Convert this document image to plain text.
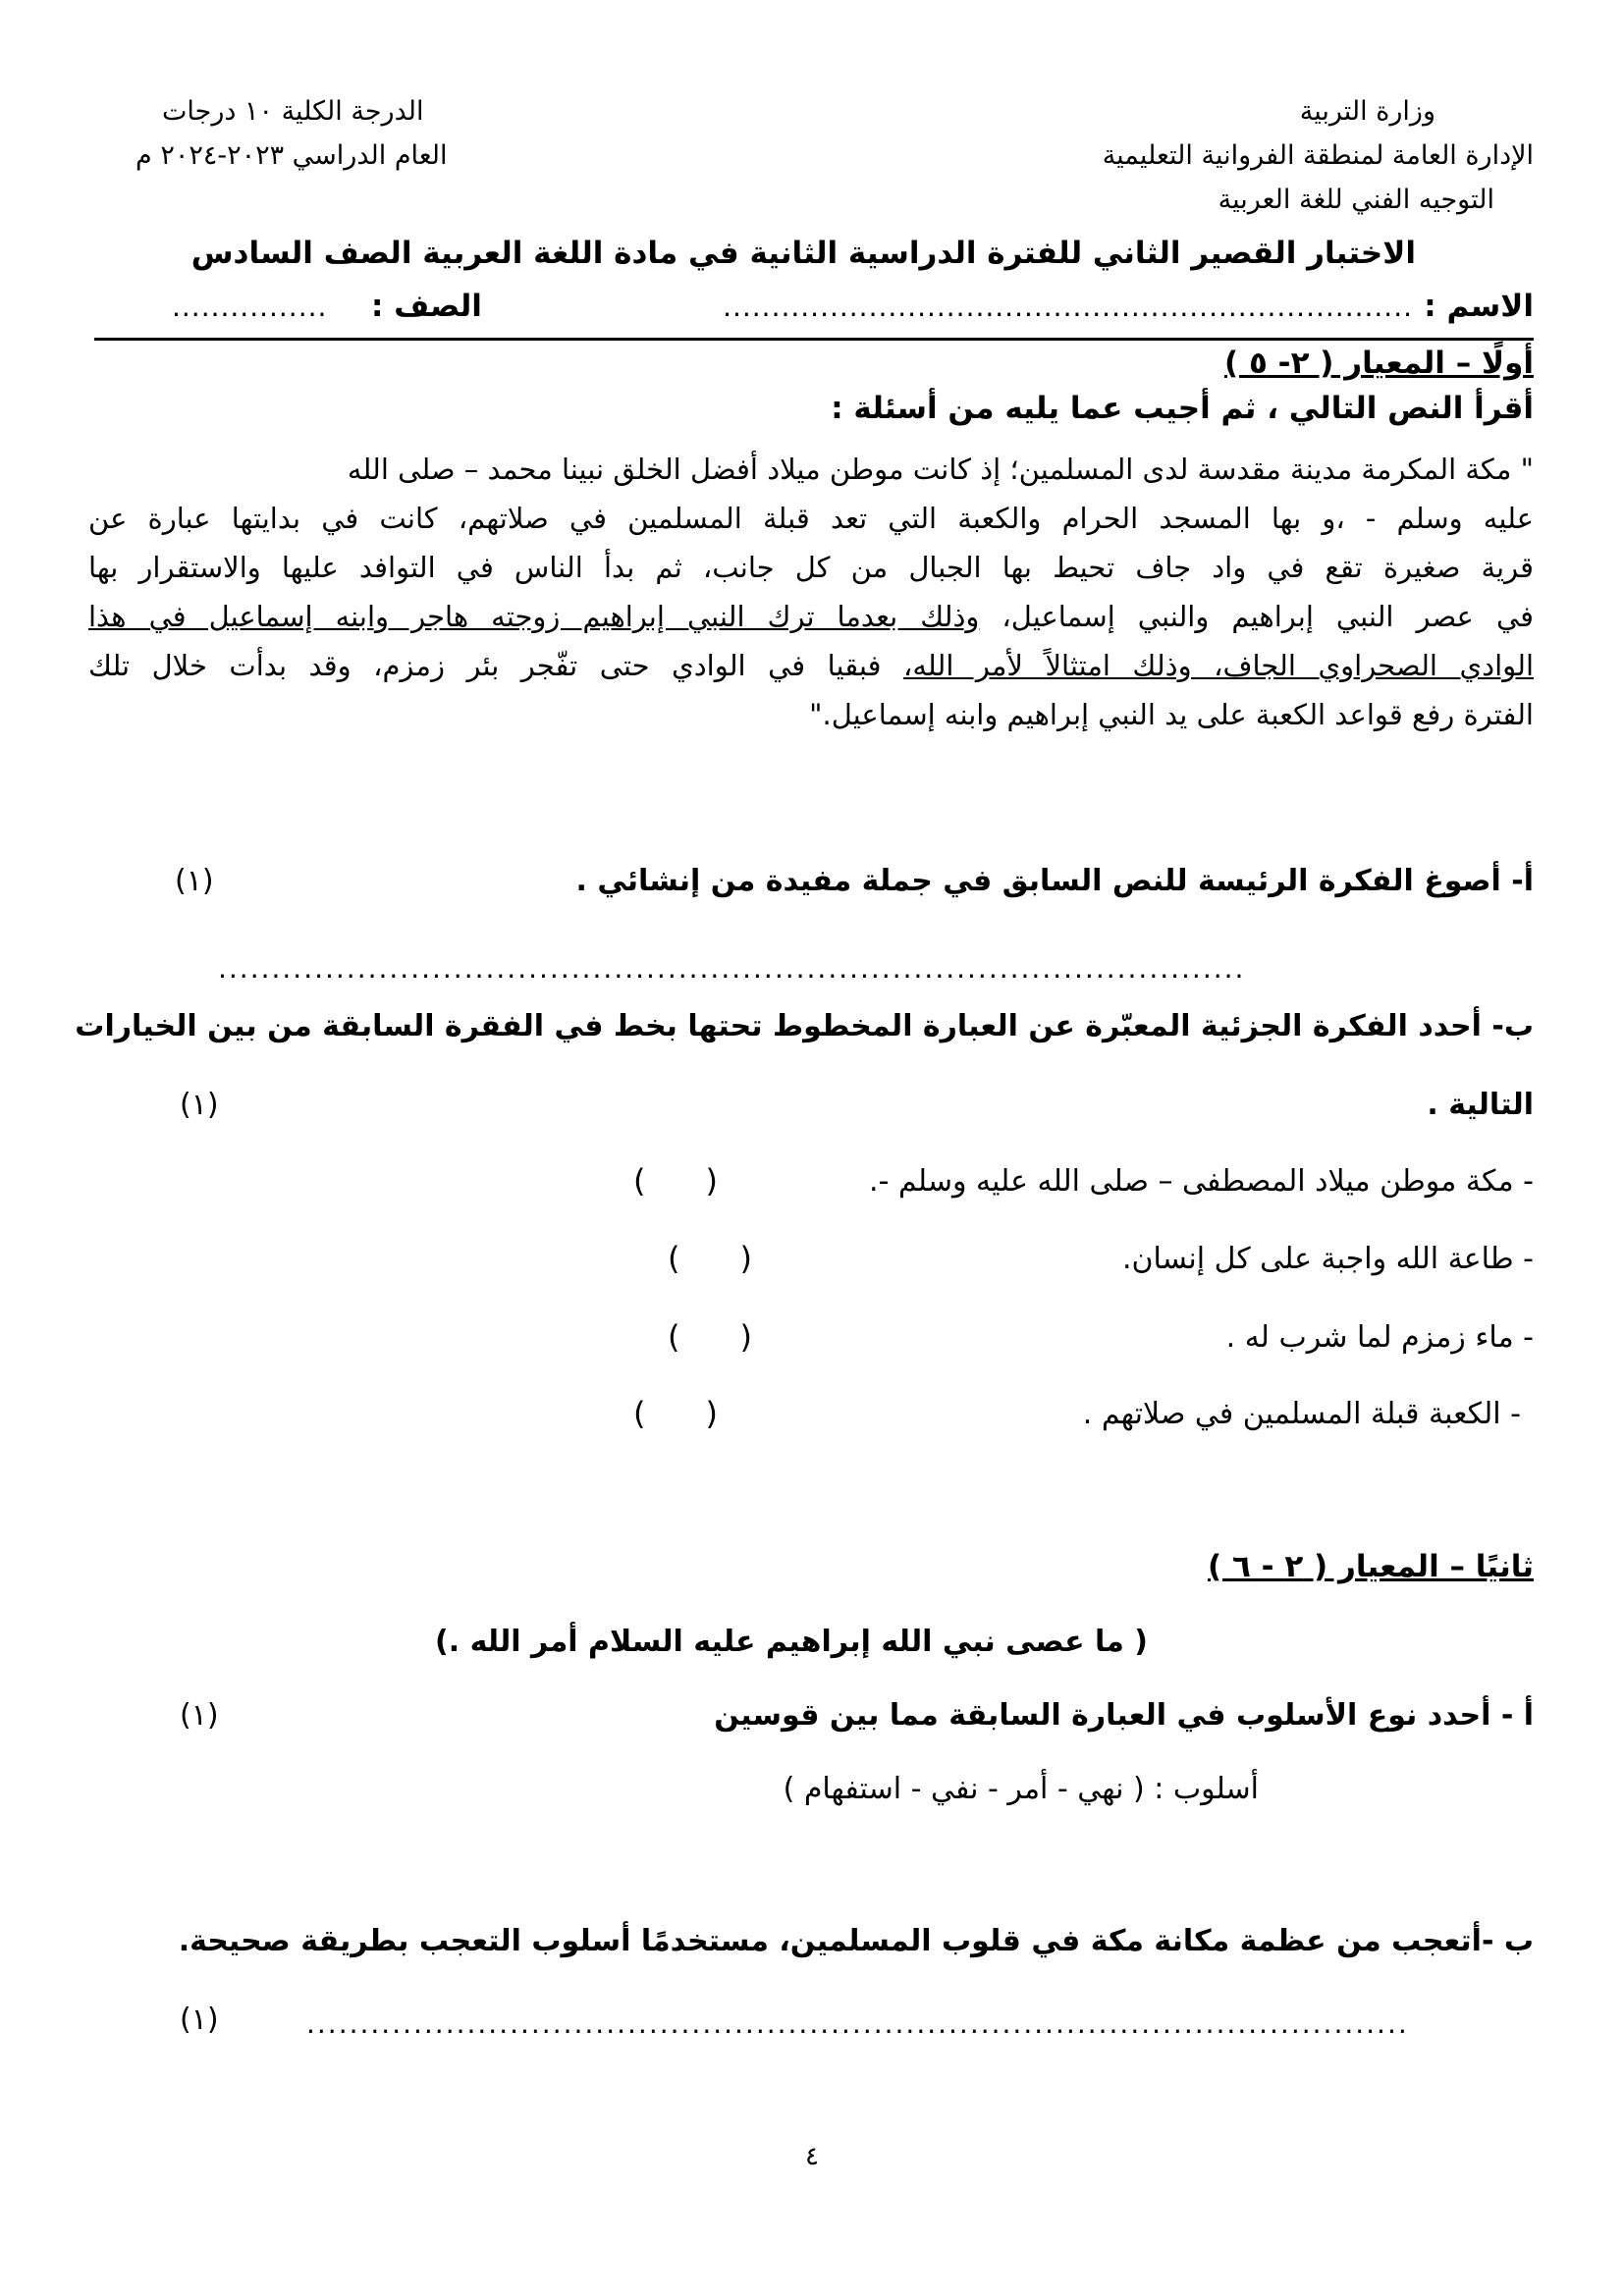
وزارة التربية
الإدارة العامة لمنطقة الفروانية التعليمية
التوجيه الفني للغة العربية
الدرجة الكلية ١٠ درجات
العام الدراسي ٢٠٢٣-٢٠٢٤ م
الاختبار القصير الثاني للفترة الدراسية الثانية في مادة اللغة العربية الصف السادس
الاسم :
.......................................................................
الصف :
................
أولًا – المعيار ( ٢- ٥ )
أقرأ النص التالي ، ثم أجيب عما يليه من أسئلة :
" مكة المكرمة مدينة مقدسة لدى المسلمين؛ إذ كانت موطن ميلاد أفضل الخلق نبينا محمد – صلى الله
عليه وسلم - ،و بها المسجد الحرام والكعبة التي تعد قبلة المسلمين في صلاتهم، كانت في بدايتها عبارة عن
قرية صغيرة تقع في واد جاف تحيط بها الجبال من كل جانب، ثم بدأ الناس في التوافد عليها والاستقرار بها
في عصر النبي إبراهيم والنبي إسماعيل، وذلك بعدما ترك النبي إبراهيم زوجته هاجر وابنه إسماعيل في هذا
الوادي الصحراوي الجاف، وذلك امتثالاً لأمر الله، فبقيا في الوادي حتى تفّجر بئر زمزم، وقد بدأت خلال تلك
الفترة رفع قواعد الكعبة على يد النبي إبراهيم وابنه إسماعيل."
أ- أصوغ الفكرة الرئيسة للنص السابق في جملة مفيدة من إنشائي .
(١)
................................................................................................
ب- أحدد الفكرة الجزئية المعبّرة عن العبارة المخطوط تحتها بخط في الفقرة السابقة من بين الخيارات
التالية .
(١)
- مكة موطن ميلاد المصطفى – صلى الله عليه وسلم -.
(      )
- طاعة الله واجبة على كل إنسان.
(      )
- ماء زمزم لما شرب له .
(      )
- الكعبة قبلة المسلمين في صلاتهم .
(      )
ثانيًا – المعيار ( ٢ - ٦ )
( ما عصى نبي الله إبراهيم عليه السلام أمر الله .)
أ - أحدد نوع الأسلوب في العبارة السابقة مما بين قوسين
(١)
أسلوب : ( نهي - أمر - نفي - استفهام )
ب -أتعجب من عظمة مكانة مكة في قلوب المسلمين، مستخدمًا أسلوب التعجب بطريقة صحيحة.
(١)	.......................................................................................................
٤
